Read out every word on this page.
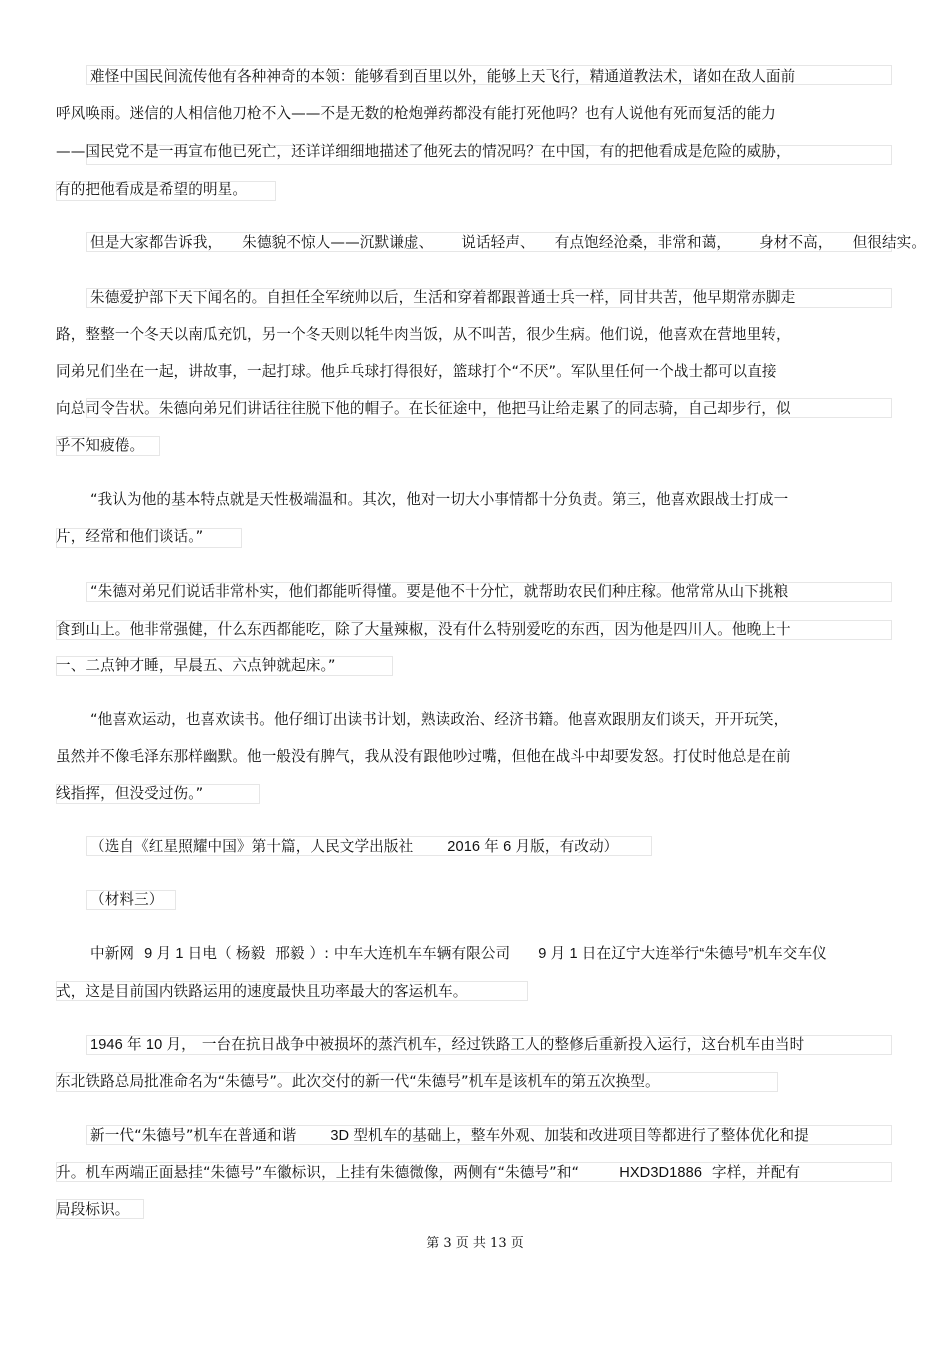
难怪中国民间流传他有各种神奇的本领：能够看到百里以外，能够上天飞行，精通道教法术，诸如在敌人面前
呼风唤雨。迷信的人相信他刀枪不入——不是无数的枪炮弹药都没有能打死他吗？也有人说他有死而复活的能力
——国民党不是一再宣布他已死亡，还详详细细地描述了他死去的情况吗？在中国，有的把他看成是危险的威胁，
有的把他看成是希望的明星。
但是大家都告诉我， 朱德貌不惊人——沉默谦虚、 说话轻声、 有点饱经沧桑，非常和蔼， 身材不高， 但很结实。
朱德爱护部下天下闻名的。自担任全军统帅以后，生活和穿着都跟普通士兵一样，同甘共苦，他早期常赤脚走
路，整整一个冬天以南瓜充饥，另一个冬天则以牦牛肉当饭，从不叫苦，很少生病。他们说，他喜欢在营地里转，
同弟兄们坐在一起，讲故事，一起打球。他乒乓球打得很好，篮球打个“不厌”。军队里任何一个战士都可以直接
向总司令告状。朱德向弟兄们讲话往往脱下他的帽子。在长征途中，他把马让给走累了的同志骑，自己却步行，似
乎不知疲倦。
“我认为他的基本特点就是天性极端温和。其次，他对一切大小事情都十分负责。第三，他喜欢跟战士打成一
片，经常和他们谈话。”
“朱德对弟兄们说话非常朴实，他们都能听得懂。要是他不十分忙，就帮助农民们种庄稼。他常常从山下挑粮
食到山上。他非常强健，什么东西都能吃，除了大量辣椒，没有什么特别爱吃的东西，因为他是四川人。他晚上十
一、二点钟才睡，早晨五、六点钟就起床。”
“他喜欢运动，也喜欢读书。他仔细订出读书计划，熟读政治、经济书籍。他喜欢跟朋友们谈天，开开玩笑，
虽然并不像毛泽东那样幽默。他一般没有脾气，我从没有跟他吵过嘴，但他在战斗中却要发怒。打仗时他总是在前
线指挥，但没受过伤。”
（选自《红星照耀中国》第十篇，人民文学出版社 2016 年 6 月版，有改动）
（材料三）
中新网 9 月 1 日电（ 杨毅 邢毅 ）: 中车大连机车车辆有限公司 9 月 1 日在辽宁大连举行“朱德号”机车交车仪
式，这是目前国内铁路运用的速度最快且功率最大的客运机车。
1946 年 10 月， 一台在抗日战争中被损坏的蒸汽机车，经过铁路工人的整修后重新投入运行，这台机车由当时
东北铁路总局批准命名为“朱德号”。此次交付的新一代“朱德号”机车是该机车的第五次换型。
新一代“朱德号”机车在普通和谐 3D 型机车的基础上，整车外观、加装和改进项目等都进行了整体优化和提
升。机车两端正面悬挂“朱德号”车徽标识，上挂有朱德微像，两侧有“朱德号”和“	HXD3D1886 字样，并配有
局段标识。
第 3 页 共 13 页
